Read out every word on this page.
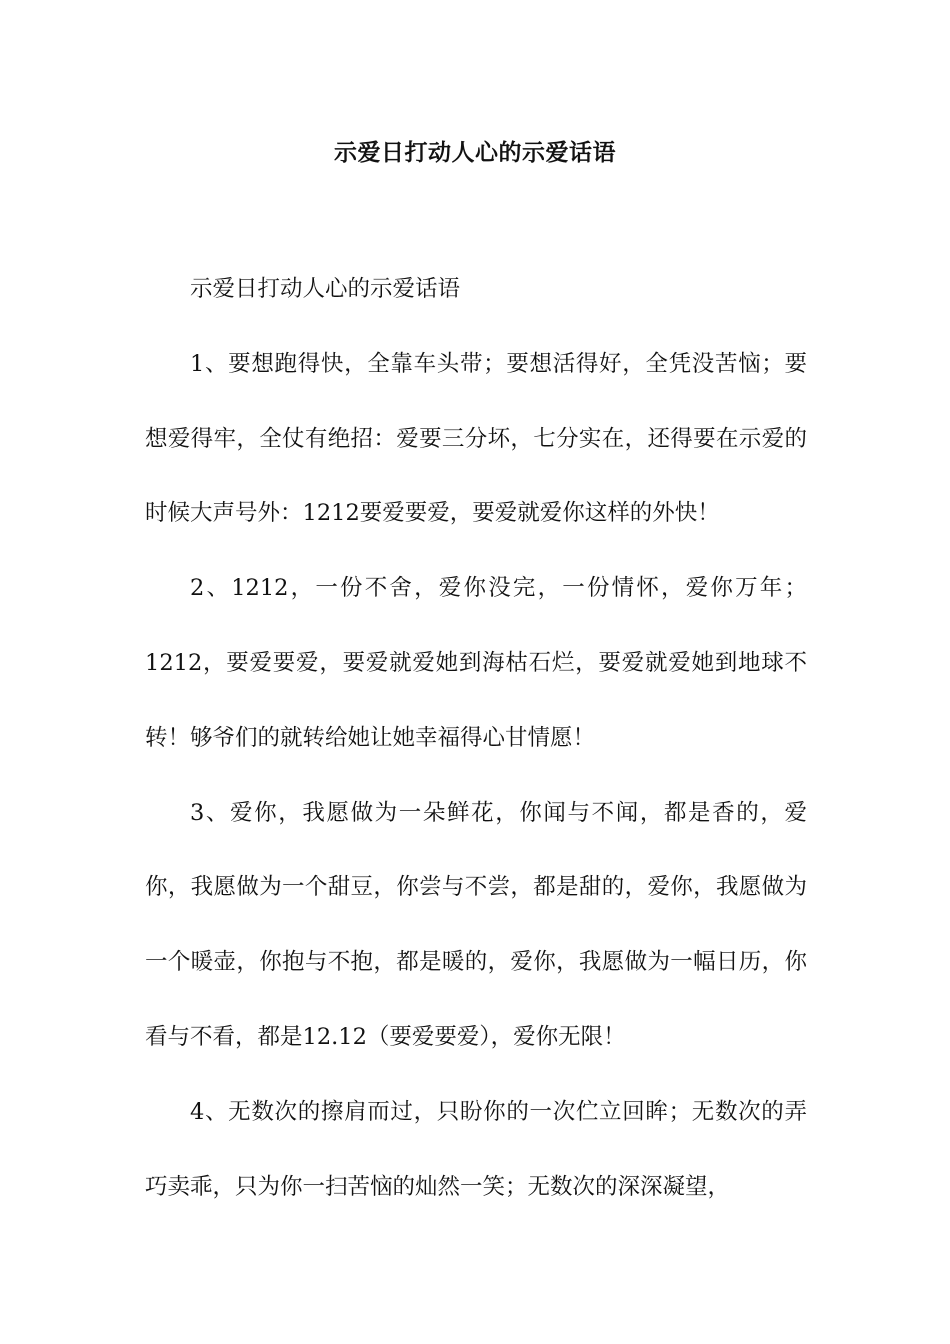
示爱日打动人心的示爱话语

示爱日打动人心的示爱话语

1、要想跑得快，全靠车头带；要想活得好，全凭没苦恼；要想爱得牢，全仗有绝招：爱要三分坏，七分实在，还得要在示爱的时候大声号外：1212要爱要爱，要爱就爱你这样的外快！

2、1212，一份不舍，爱你没完，一份情怀，爱你万年；1212，要爱要爱，要爱就爱她到海枯石烂，要爱就爱她到地球不转！够爷们的就转给她让她幸福得心甘情愿！

3、爱你，我愿做为一朵鲜花，你闻与不闻，都是香的，爱你，我愿做为一个甜豆，你尝与不尝，都是甜的，爱你，我愿做为一个暖壶，你抱与不抱，都是暖的，爱你，我愿做为一幅日历，你看与不看，都是12.12（要爱要爱），爱你无限！

4、无数次的擦肩而过，只盼你的一次伫立回眸；无数次的弄巧卖乖，只为你一扫苦恼的灿然一笑；无数次的深深凝望，
